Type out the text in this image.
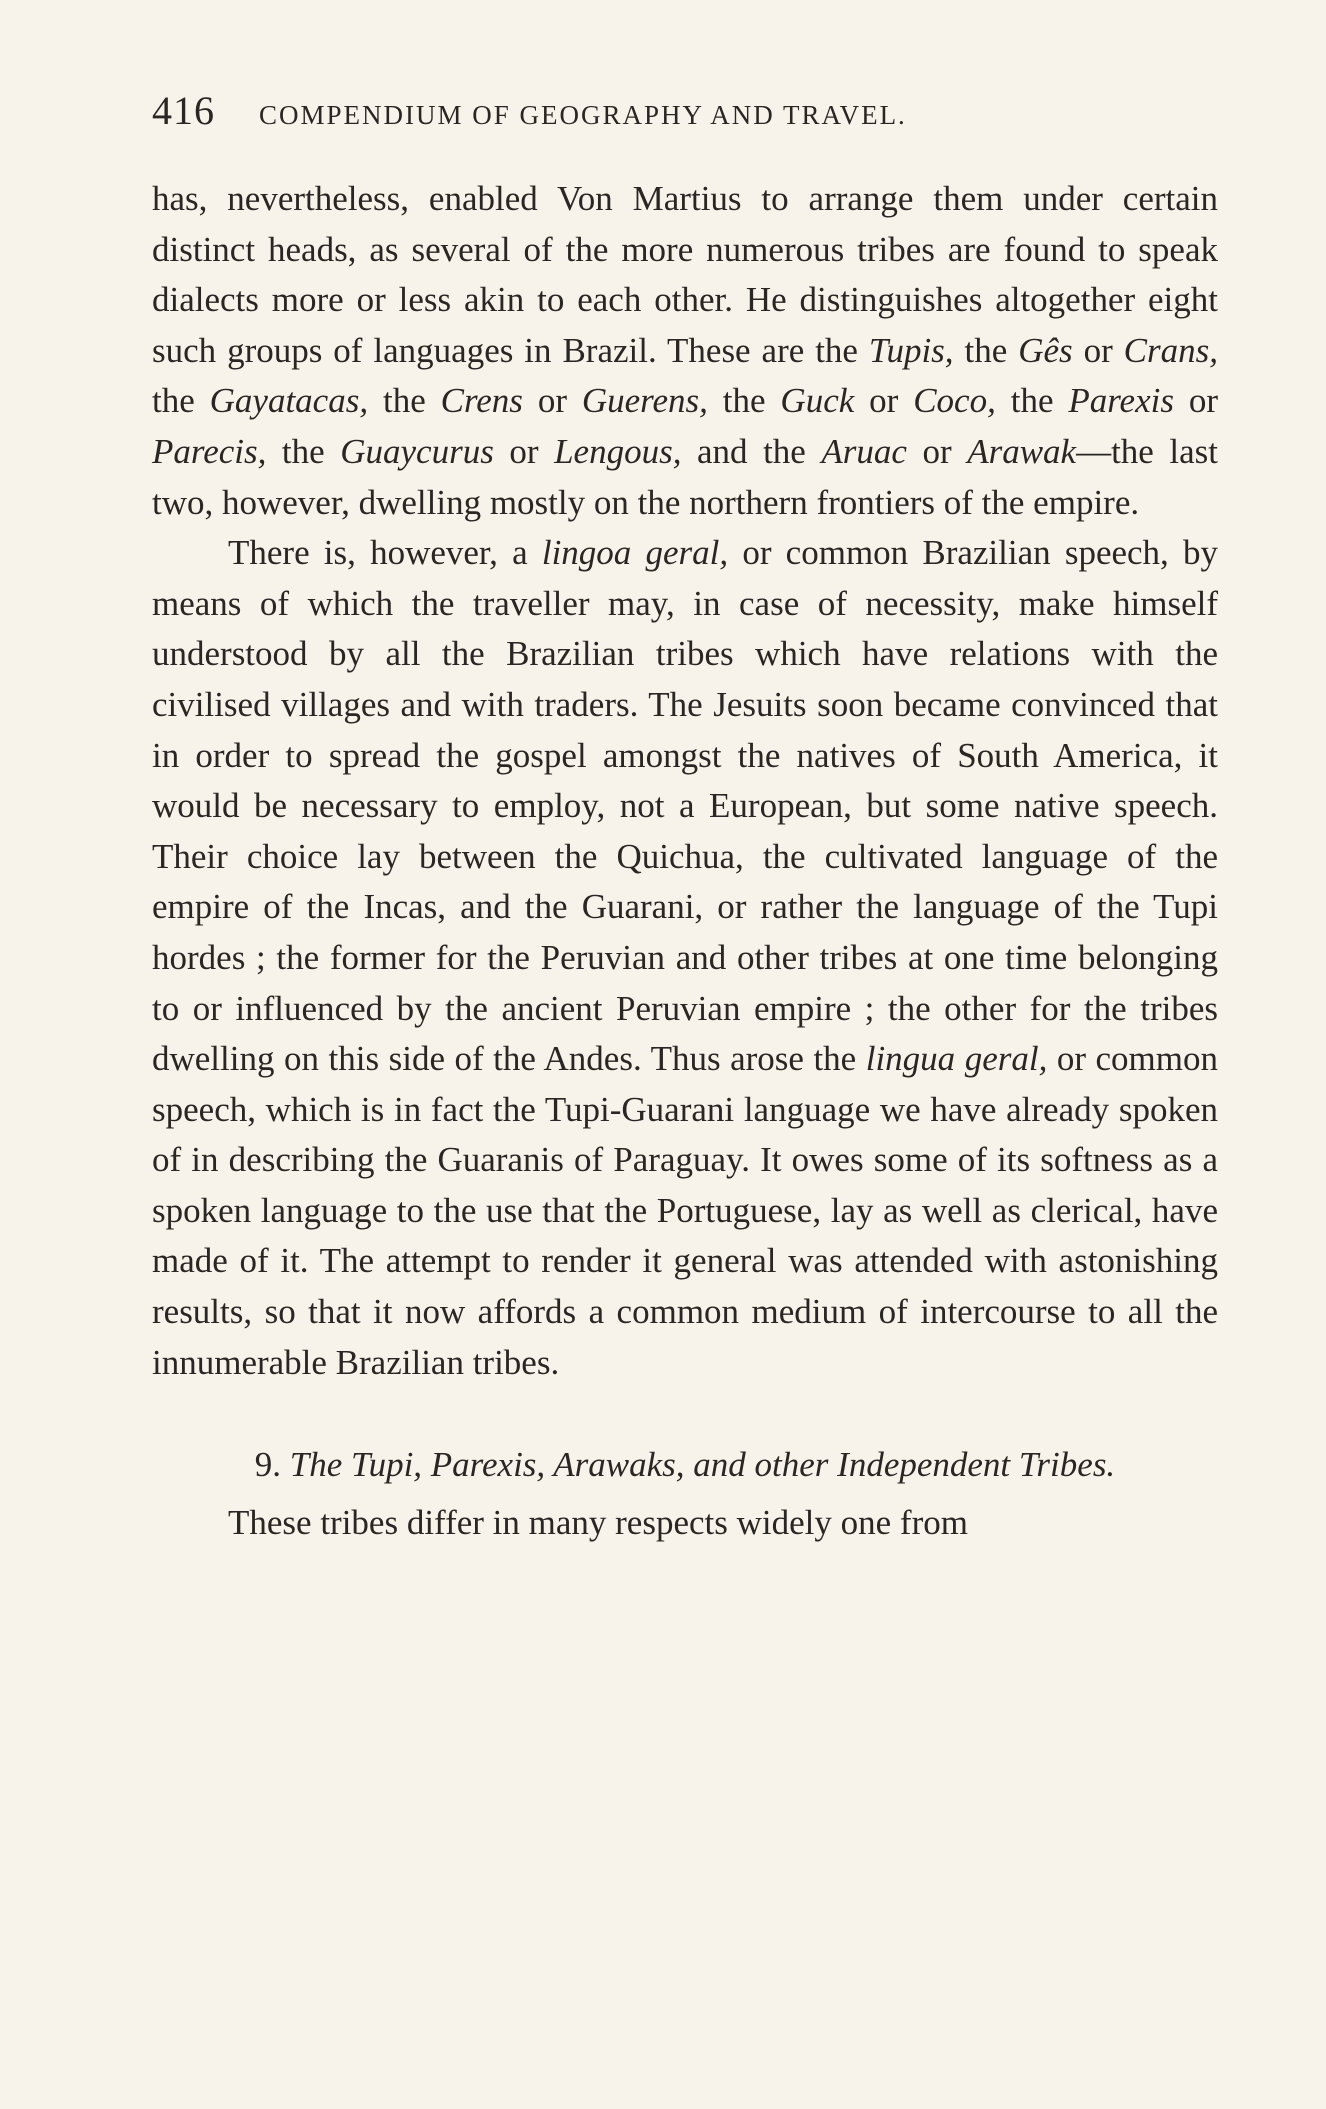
416 COMPENDIUM OF GEOGRAPHY AND TRAVEL.

has, nevertheless, enabled Von Martius to arrange them under certain distinct heads, as several of the more numerous tribes are found to speak dialects more or less akin to each other. He distinguishes altogether eight such groups of languages in Brazil. These are the Tupis, the Gês or Crans, the Gayatacas, the Crens or Guerens, the Guck or Coco, the Parexis or Parecis, the Guaycurus or Lengous, and the Aruac or Arawak—the last two, however, dwelling mostly on the northern frontiers of the empire.

There is, however, a lingoa geral, or common Brazilian speech, by means of which the traveller may, in case of necessity, make himself understood by all the Brazilian tribes which have relations with the civilised villages and with traders. The Jesuits soon became convinced that in order to spread the gospel amongst the natives of South America, it would be necessary to employ, not a European, but some native speech. Their choice lay between the Quichua, the cultivated language of the empire of the Incas, and the Guarani, or rather the language of the Tupi hordes ; the former for the Peruvian and other tribes at one time belonging to or influenced by the ancient Peruvian empire ; the other for the tribes dwelling on this side of the Andes. Thus arose the lingua geral, or common speech, which is in fact the Tupi-Guarani language we have already spoken of in describing the Guaranis of Paraguay. It owes some of its softness as a spoken language to the use that the Portuguese, lay as well as clerical, have made of it. The attempt to render it general was attended with astonishing results, so that it now affords a common medium of intercourse to all the innumerable Brazilian tribes.

9. The Tupi, Parexis, Arawaks, and other Independent Tribes.

These tribes differ in many respects widely one from
